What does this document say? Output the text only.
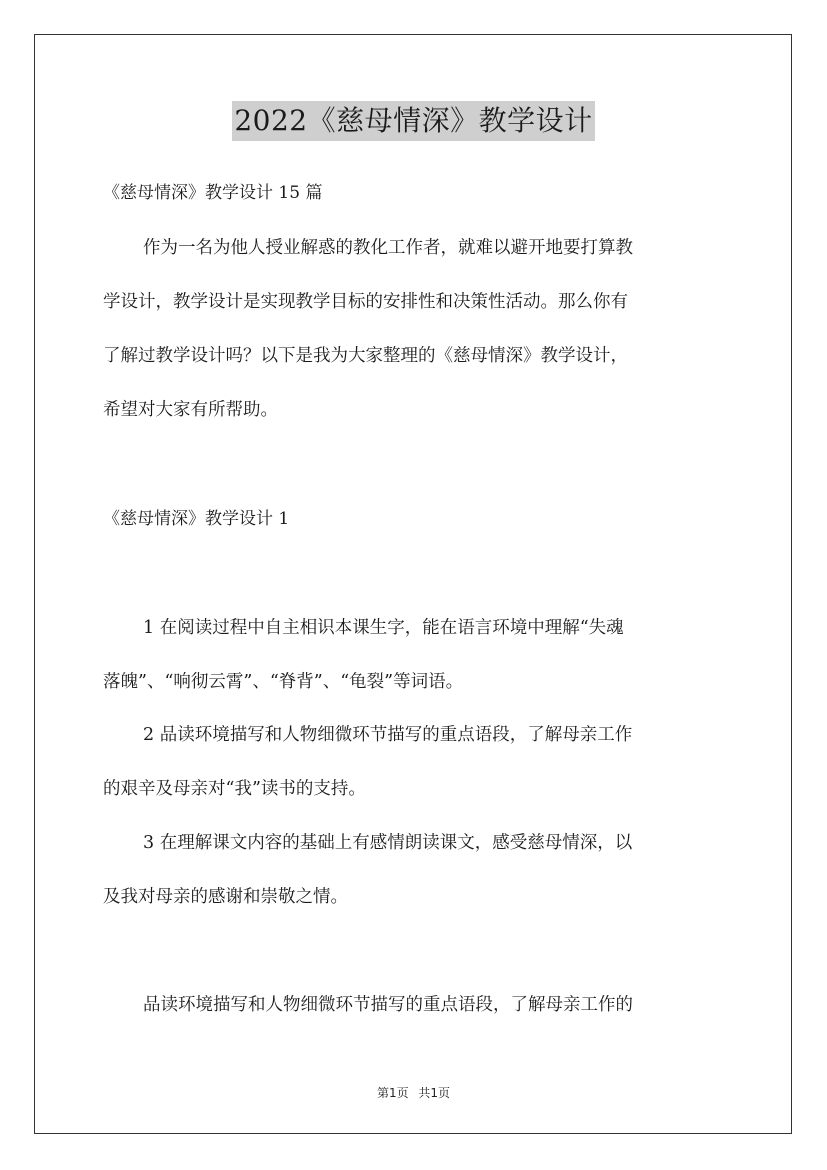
2022《慈母情深》教学设计
《慈母情深》教学设计 15 篇
作为一名为他人授业解惑的教化工作者，就难以避开地要打算教
学设计，教学设计是实现教学目标的安排性和决策性活动。那么你有
了解过教学设计吗？以下是我为大家整理的《慈母情深》教学设计，
希望对大家有所帮助。
《慈母情深》教学设计 1
1 在阅读过程中自主相识本课生字，能在语言环境中理解“失魂
落魄”、“响彻云霄”、“脊背”、“龟裂”等词语。
2 品读环境描写和人物细微环节描写的重点语段，了解母亲工作
的艰辛及母亲对“我”读书的支持。
3 在理解课文内容的基础上有感情朗读课文，感受慈母情深，以
及我对母亲的感谢和崇敬之情。
品读环境描写和人物细微环节描写的重点语段，了解母亲工作的
第1页 共1页
